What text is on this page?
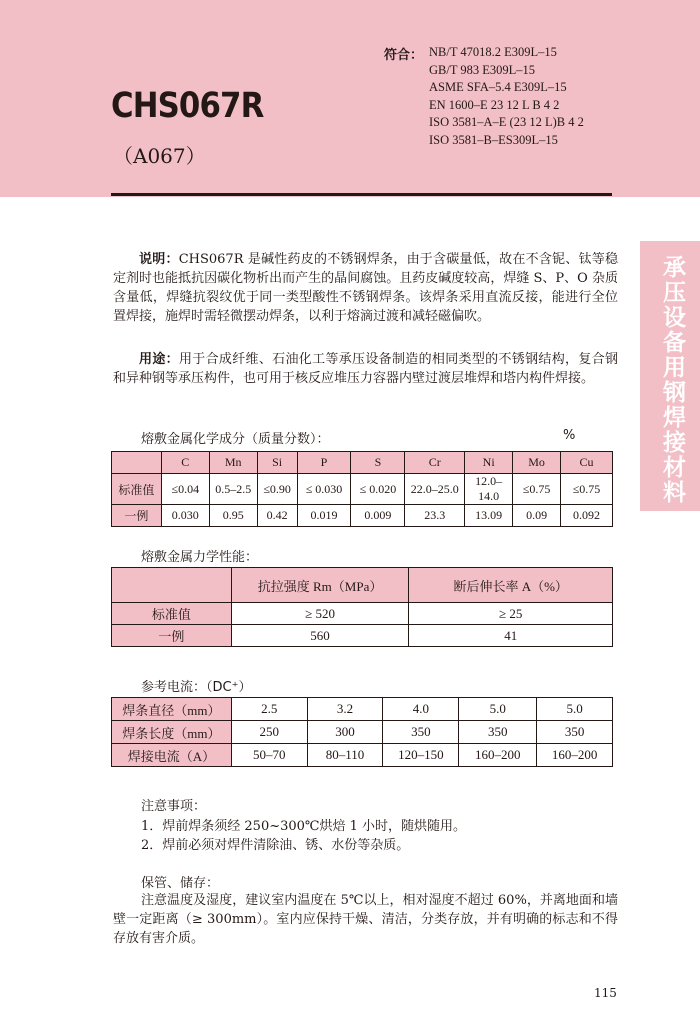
CHS067R
（A067）
符合： NB/T 47018.2 E309L–15
GB/T 983 E309L–15
ASME SFA–5.4 E309L–15
EN 1600–E 23 12 L B 4 2
ISO 3581–A–E (23 12 L)B 4 2
ISO 3581–B–ES309L–15
承压设备用钢焊接材料
说明：CHS067R 是碱性药皮的不锈钢焊条，由于含碳量低，故在不含铌、钛等稳定剂时也能抵抗因碳化物析出而产生的晶间腐蚀。且药皮碱度较高，焊缝 S、P、O 杂质含量低，焊缝抗裂纹优于同一类型酸性不锈钢焊条。该焊条采用直流反接，能进行全位置焊接，施焊时需轻微摆动焊条，以利于熔滴过渡和减轻磁偏吹。
用途：用于合成纤维、石油化工等承压设备制造的相同类型的不锈钢结构，复合钢和异种钢等承压构件，也可用于核反应堆压力容器内壁过渡层堆焊和塔内构件焊接。
熔敷金属化学成分（质量分数）：	%
	C	Mn	Si	P	S	Cr	Ni	Mo	Cu
标准值	≤0.04	0.5–2.5	≤0.90	≤ 0.030	≤ 0.020	22.0–25.0	12.0–14.0	≤0.75	≤0.75
一例	0.030	0.95	0.42	0.019	0.009	23.3	13.09	0.09	0.092
熔敷金属力学性能：
	抗拉强度 Rm（MPa）	断后伸长率 A（%）
标准值	≥ 520	≥ 25
一例	560	41
参考电流：（DC⁺）
焊条直径（mm）	2.5	3.2	4.0	5.0	5.0
焊条长度（mm）	250	300	350	350	350
焊接电流（A）	50–70	80–110	120–150	160–200	160–200
注意事项：
1．焊前焊条须经 250~300℃烘焙 1 小时，随烘随用。
2．焊前必须对焊件清除油、锈、水份等杂质。
保管、储存：
注意温度及湿度，建议室内温度在 5℃以上，相对湿度不超过 60%，并离地面和墙壁一定距离（≥ 300mm）。室内应保持干燥、清洁，分类存放，并有明确的标志和不得存放有害介质。
115
